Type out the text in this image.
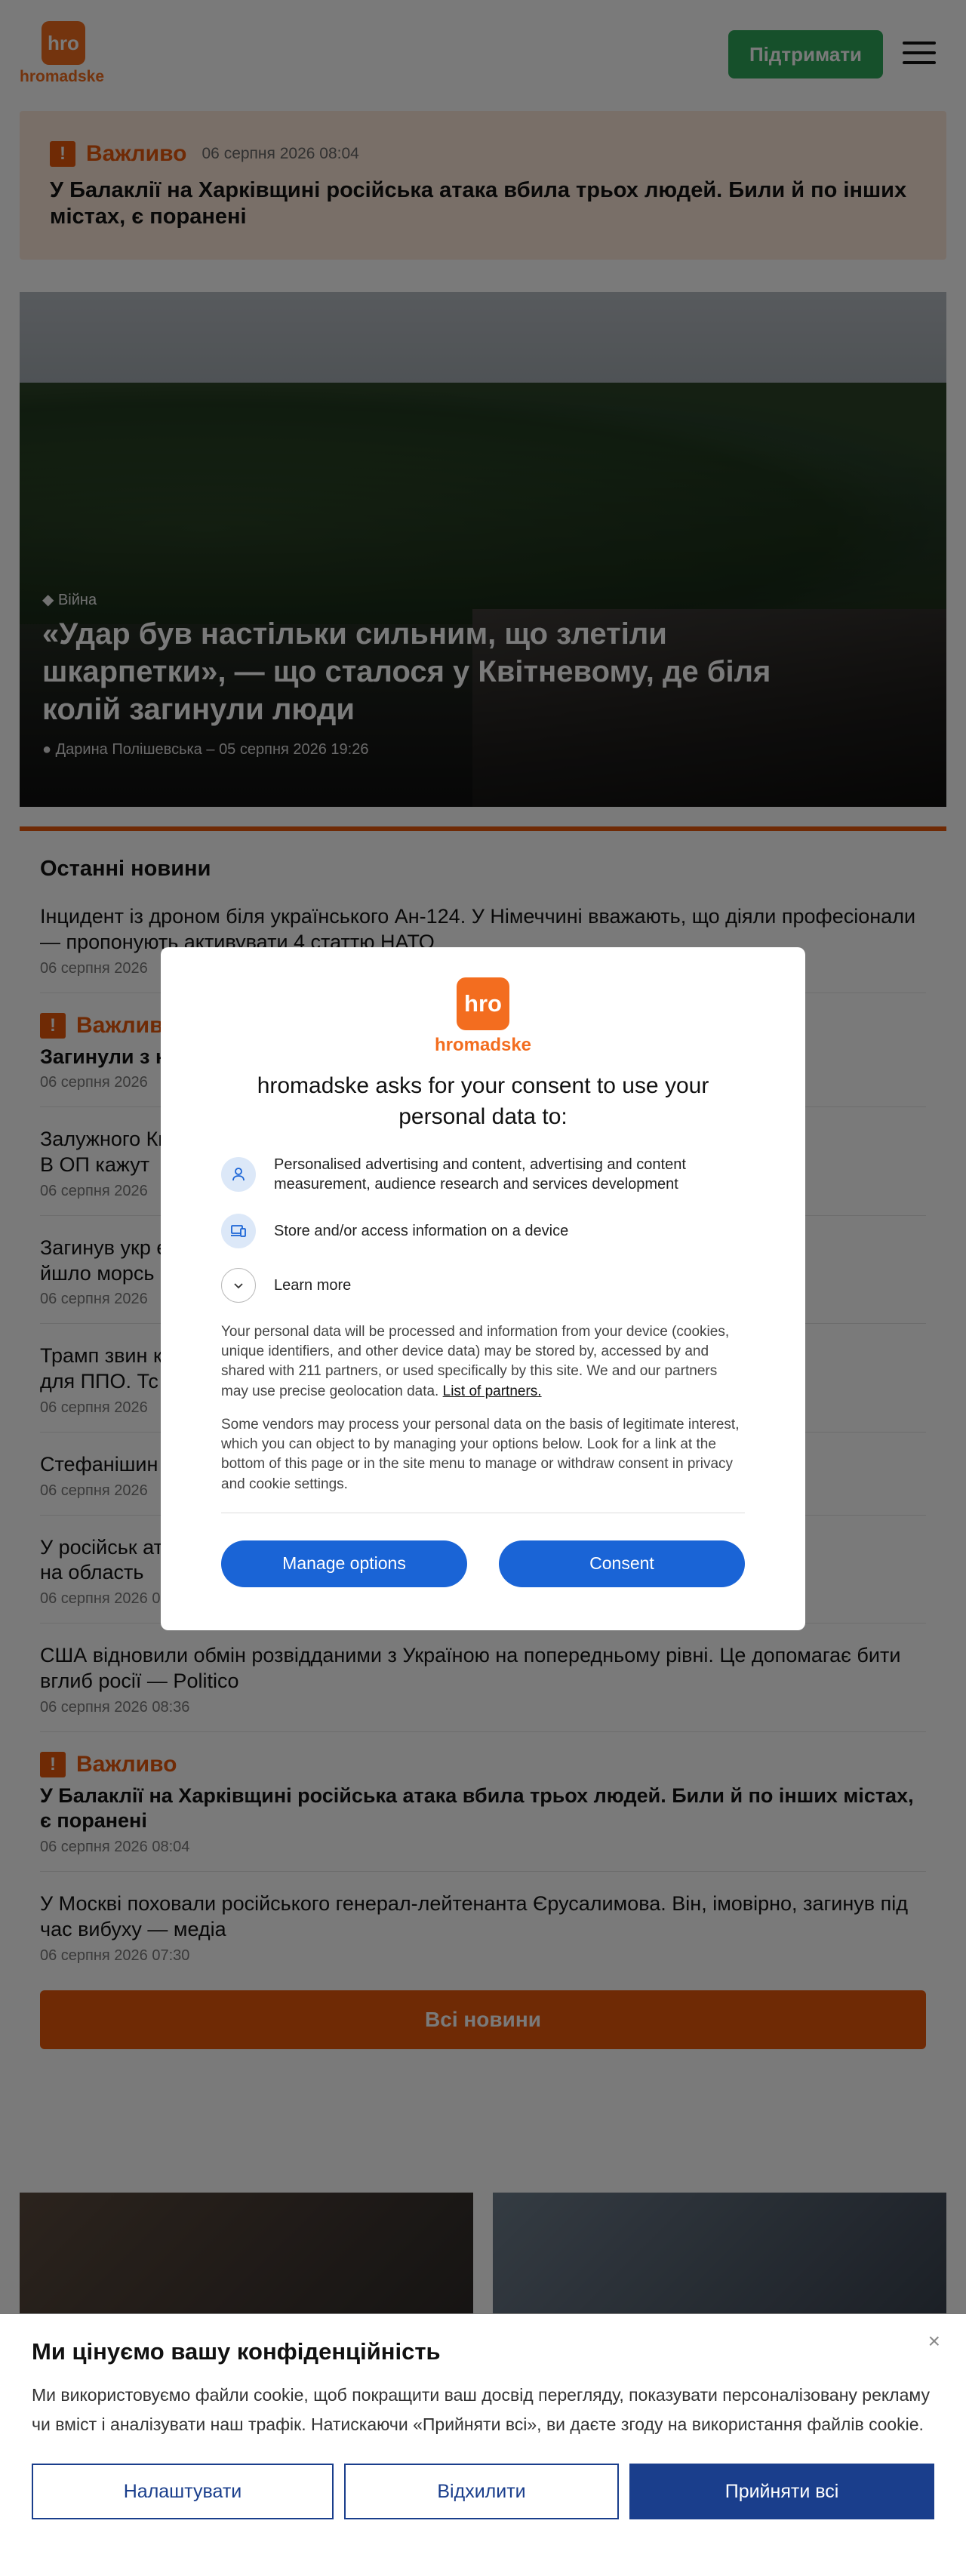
hro
hromadske
hromadske asks for your consent to use your personal data to:
Personalised advertising and content, advertising and content measurement, audience research and services development
Store and/or access information on a device
Learn more
Your personal data will be processed and information from your device (cookies, unique identifiers, and other device data) may be stored by, accessed by and shared with 211 partners, or used specifically by this site. We and our partners may use precise geolocation data. List of partners.
Some vendors may process your personal data on the basis of legitimate interest, which you can object to by managing your options below. Look for a link at the bottom of this page or in the site menu to manage or withdraw consent in privacy and cookie settings.
Manage options	Consent
×
Ми цінуємо вашу конфіденційність
Ми використовуємо файли cookie, щоб покращити ваш досвід перегляду, показувати персоналізовану рекламу чи вміст і аналізувати наш трафік. Натискаючи «Прийняти всі», ви даєте згоду на використання файлів cookie.
Налаштувати	Відхилити	Прийняти всі
